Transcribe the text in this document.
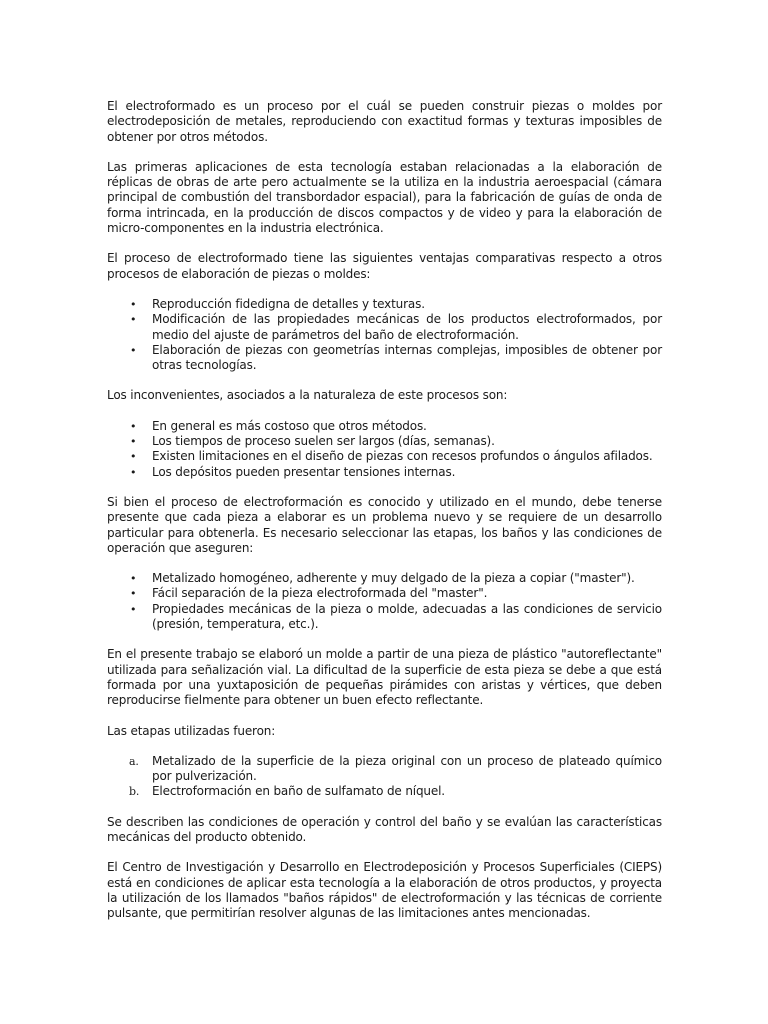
El electroformado es un proceso por el cuál se pueden construir piezas o moldes por electrodeposición de metales, reproduciendo con exactitud formas y texturas imposibles de obtener por otros métodos.

Las primeras aplicaciones de esta tecnología estaban relacionadas a la elaboración de réplicas de obras de arte pero actualmente se la utiliza en la industria aeroespacial (cámara principal de combustión del transbordador espacial), para la fabricación de guías de onda de forma intrincada, en la producción de discos compactos y de video y para la elaboración de micro-componentes en la industria electrónica.

El proceso de electroformado tiene las siguientes ventajas comparativas respecto a otros procesos de elaboración de piezas o moldes:

• Reproducción fidedigna de detalles y texturas.
• Modificación de las propiedades mecánicas de los productos electroformados, por medio del ajuste de parámetros del baño de electroformación.
• Elaboración de piezas con geometrías internas complejas, imposibles de obtener por otras tecnologías.

Los inconvenientes, asociados a la naturaleza de este procesos son:

• En general es más costoso que otros métodos.
• Los tiempos de proceso suelen ser largos (días, semanas).
• Existen limitaciones en el diseño de piezas con recesos profundos o ángulos afilados.
• Los depósitos pueden presentar tensiones internas.

Si bien el proceso de electroformación es conocido y utilizado en el mundo, debe tenerse presente que cada pieza a elaborar es un problema nuevo y se requiere de un desarrollo particular para obtenerla. Es necesario seleccionar las etapas, los baños y las condiciones de operación que aseguren:

• Metalizado homogéneo, adherente y muy delgado de la pieza a copiar ("master").
• Fácil separación de la pieza electroformada del "master".
• Propiedades mecánicas de la pieza o molde, adecuadas a las condiciones de servicio (presión, temperatura, etc.).

En el presente trabajo se elaboró un molde a partir de una pieza de plástico "autoreflectante" utilizada para señalización vial. La dificultad de la superficie de esta pieza se debe a que está formada por una yuxtaposición de pequeñas pirámides con aristas y vértices, que deben reproducirse fielmente para obtener un buen efecto reflectante.

Las etapas utilizadas fueron:

a. Metalizado de la superficie de la pieza original con un proceso de plateado químico por pulverización.
b. Electroformación en baño de sulfamato de níquel.

Se describen las condiciones de operación y control del baño y se evalúan las características mecánicas del producto obtenido.

El Centro de Investigación y Desarrollo en Electrodeposición y Procesos Superficiales (CIEPS) está en condiciones de aplicar esta tecnología a la elaboración de otros productos, y proyecta la utilización de los llamados "baños rápidos" de electroformación y las técnicas de corriente pulsante, que permitirían resolver algunas de las limitaciones antes mencionadas.
